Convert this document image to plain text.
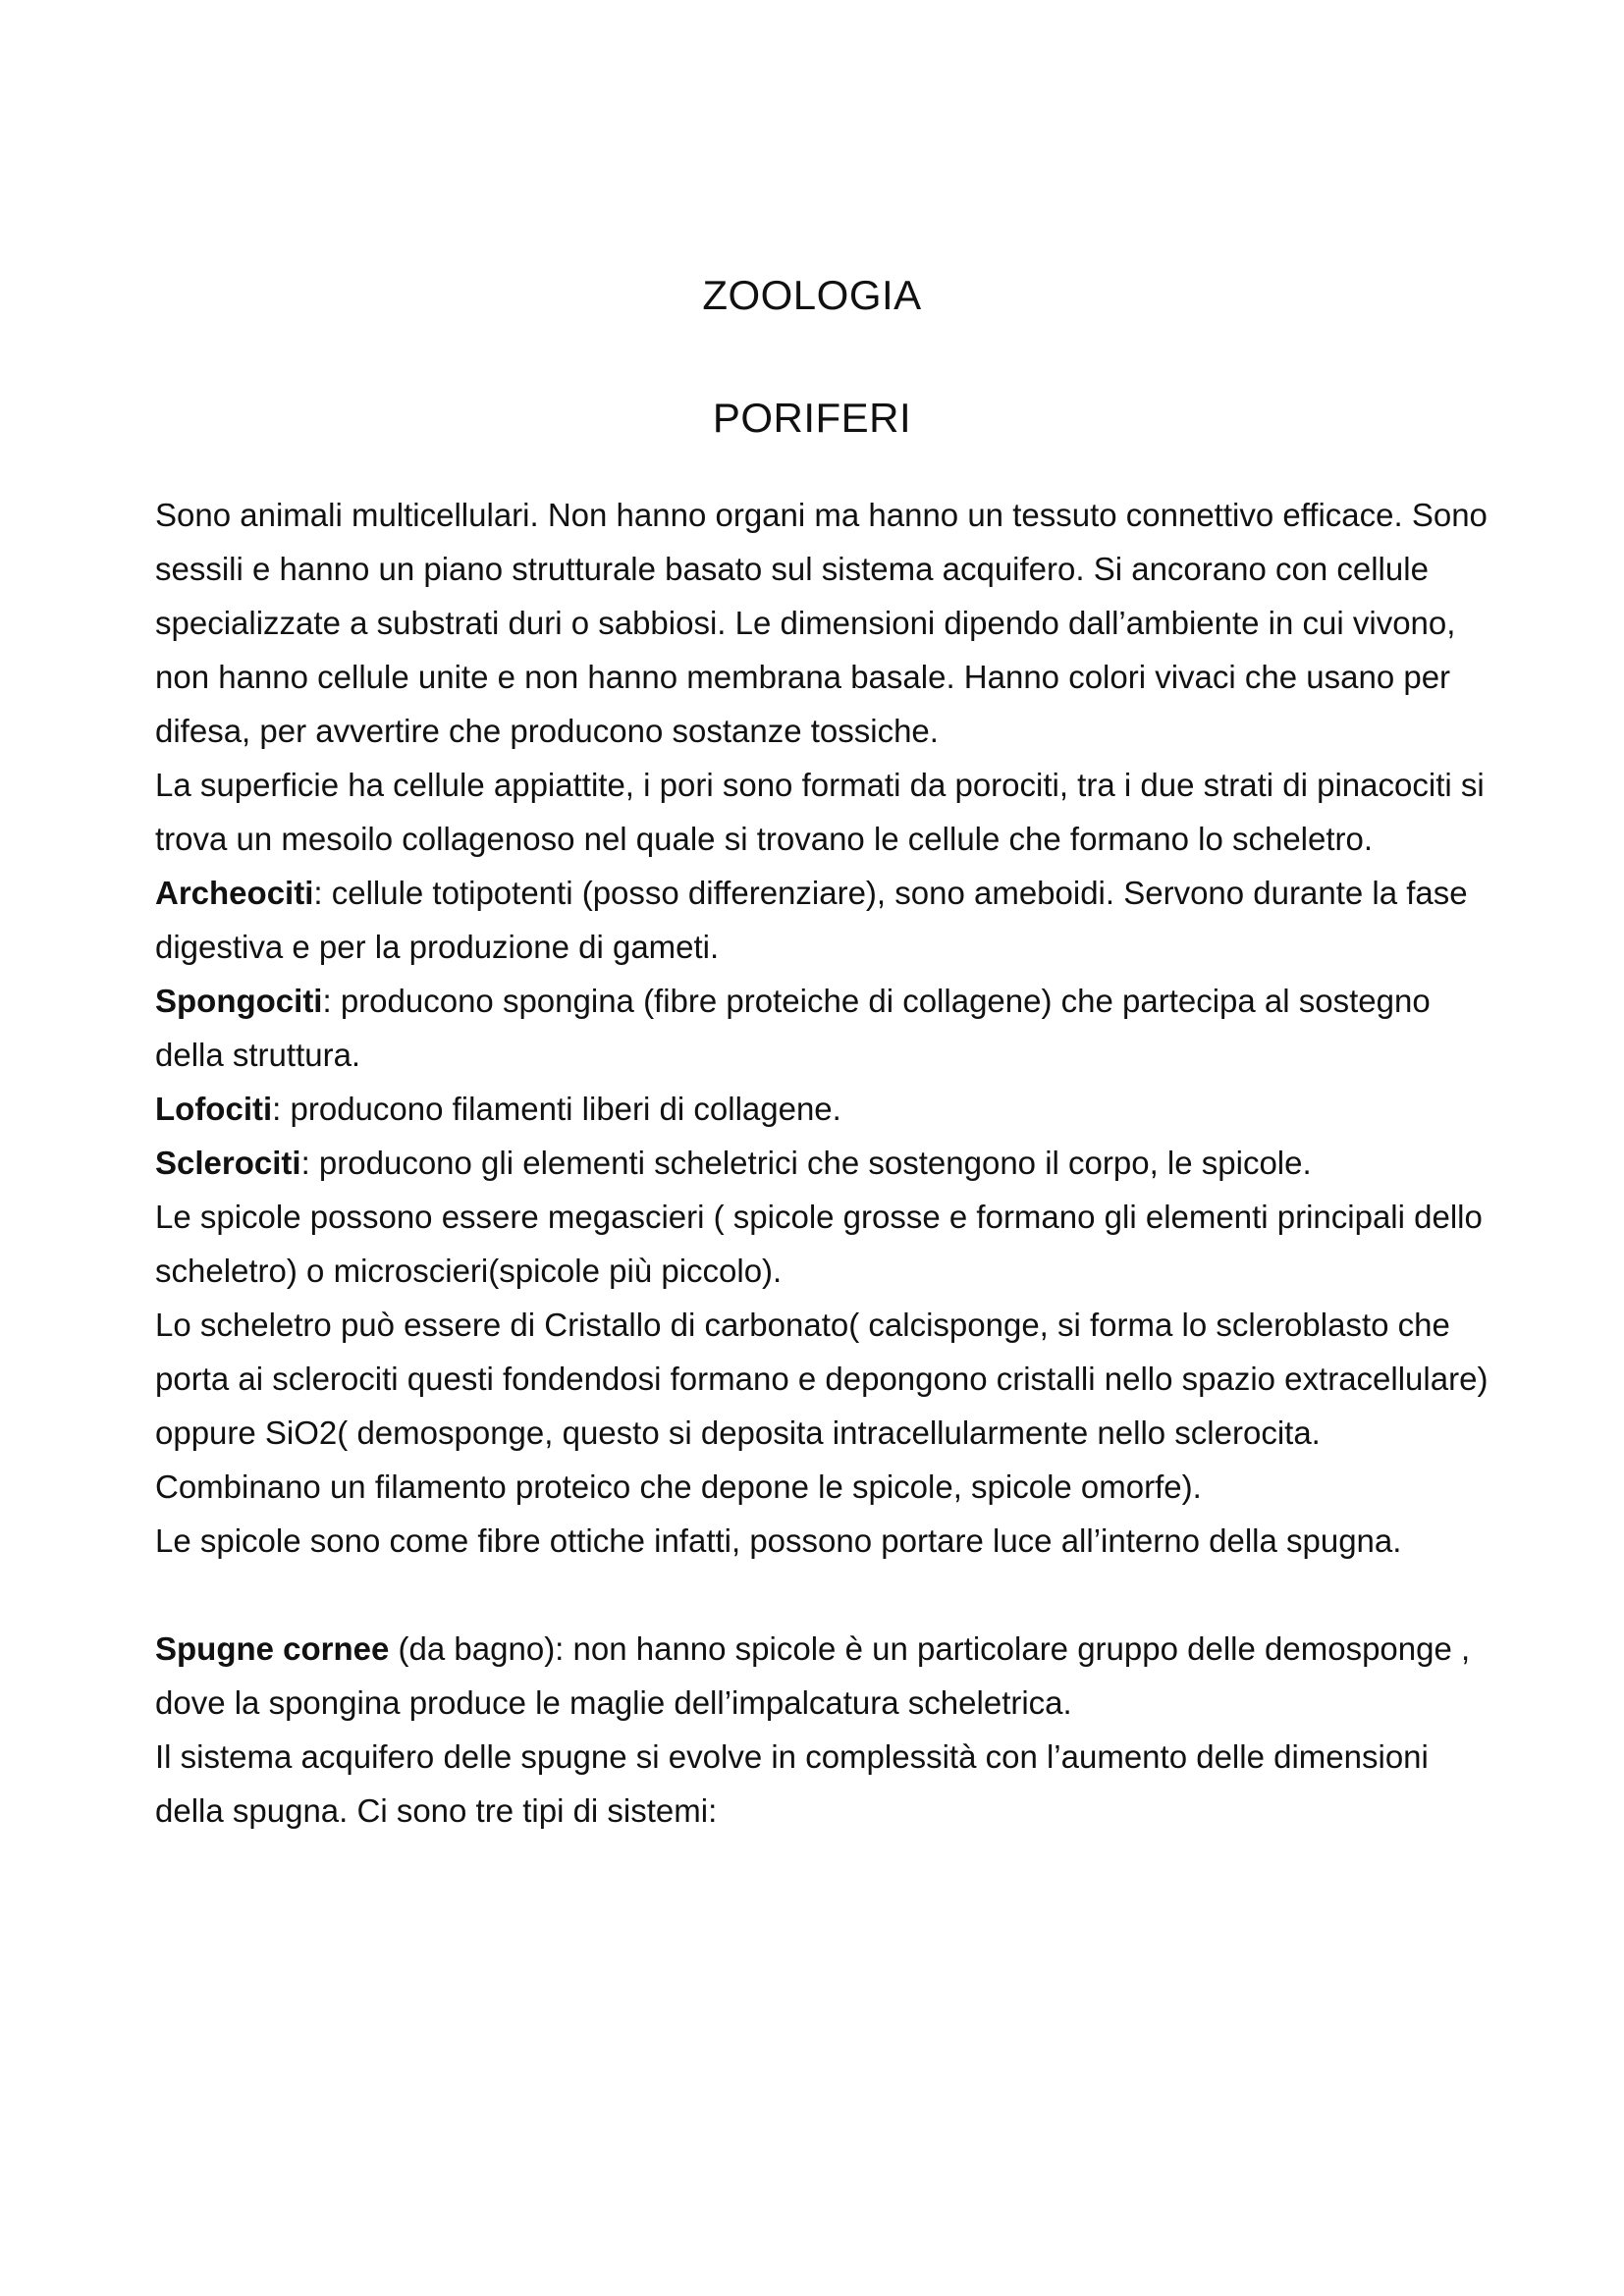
ZOOLOGIA
PORIFERI

Sono animali multicellulari. Non hanno organi ma hanno un tessuto connettivo efficace. Sono sessili e hanno un piano strutturale basato sul sistema acquifero. Si ancorano con cellule specializzate a substrati duri o sabbiosi. Le dimensioni dipendo dall’ambiente in cui vivono, non hanno cellule unite e non hanno membrana basale. Hanno colori vivaci che usano per difesa, per avvertire che producono sostanze tossiche.

La superficie ha cellule appiattite, i pori sono formati da porociti, tra i due strati di pinacociti si trova un mesoilo collagenoso nel quale si trovano le cellule che formano lo scheletro.

Archeociti: cellule totipotenti (posso differenziare), sono ameboidi. Servono durante la fase digestiva e per la produzione di gameti.

Spongociti: producono spongina (fibre proteiche di collagene) che partecipa al sostegno della struttura.

Lofociti: producono filamenti liberi di collagene.

Sclerociti: producono gli elementi scheletrici che sostengono il corpo, le spicole.

Le spicole possono essere megascieri ( spicole grosse e formano gli elementi principali dello scheletro) o microscieri(spicole più piccolo).

Lo scheletro può essere di Cristallo di carbonato( calcisponge, si forma lo scleroblasto che porta ai sclerociti questi fondendosi formano e depongono cristalli nello spazio extracellulare) oppure SiO2( demosponge, questo si deposita intracellularmente nello sclerocita. Combinano un filamento proteico che depone le spicole, spicole omorfe).

Le spicole sono come fibre ottiche infatti, possono portare luce all’interno della spugna.

Spugne cornee (da bagno): non hanno spicole è un particolare gruppo delle demosponge , dove la spongina produce le maglie dell’impalcatura scheletrica.

Il sistema acquifero delle spugne si evolve in complessità con l’aumento delle dimensioni della spugna. Ci sono tre tipi di sistemi:
